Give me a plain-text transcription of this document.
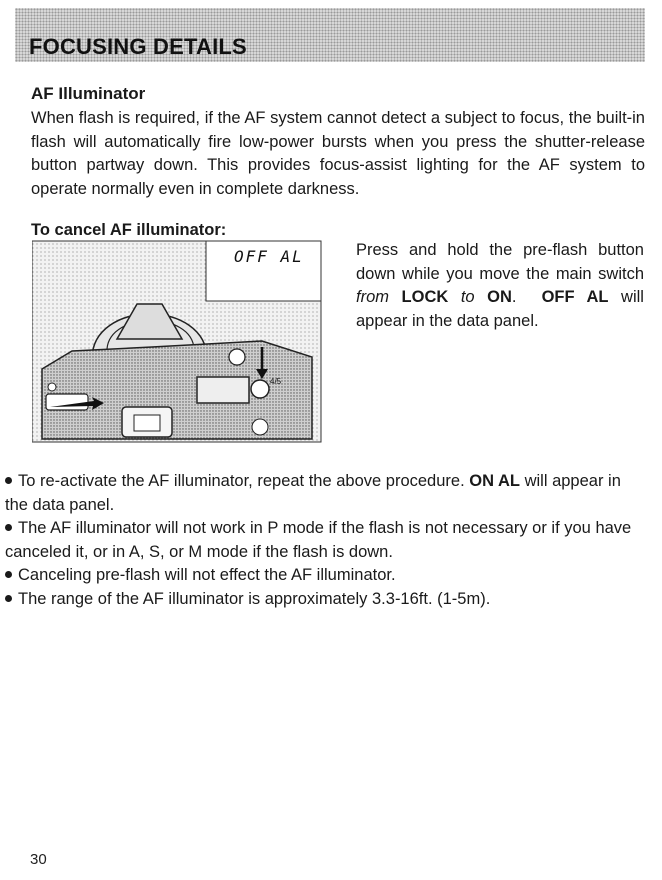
FOCUSING DETAILS
AF Illuminator
When flash is required, if the AF system cannot detect a subject to focus, the built-in flash will automatically fire low-power bursts when you press the shutter-release button partway down. This provides focus-assist lighting for the AF system to operate normally even in complete darkness.
To cancel AF illuminator:
4/5
OFF AL	Press and hold the pre-flash button down while you move the main switch from LOCK to ON.  OFF AL will appear in the data panel.

To re-activate the AF illuminator, repeat the above procedure. ON AL will appear in the data panel.

The AF illuminator will not work in P mode if the flash is not necessary or if you have canceled it, or in A, S, or M mode if the flash is down.

Canceling pre-flash will not effect the AF illuminator.

The range of the AF illuminator is approximately 3.3-16ft. (1-5m).

30
